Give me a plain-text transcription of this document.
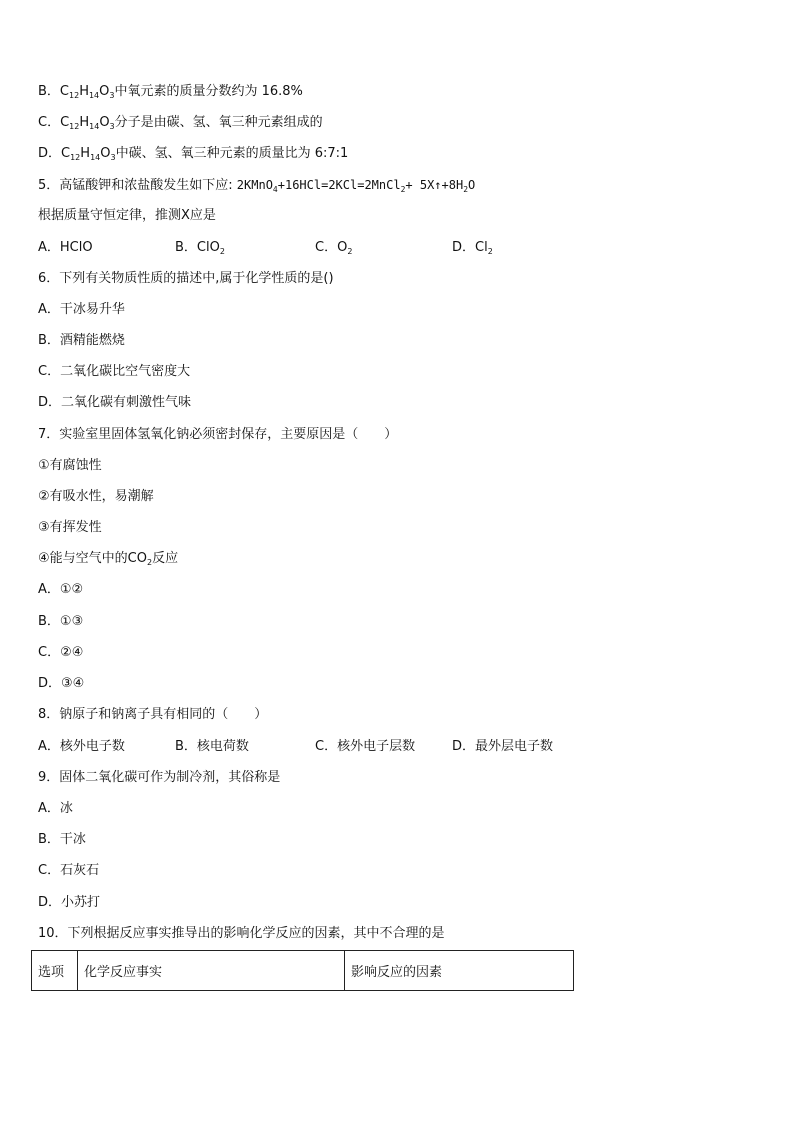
B．$C_{12}H_{14}O_3$中氧元素的质量分数约为 16.8%
C．$C_{12}H_{14}O_3$分子是由碳、氢、氧三种元素组成的
D．$C_{12}H_{14}O_3$中碳、氢、氧三种元素的质量比为 6:7:1
5．高锰酸钾和浓盐酸发生如下应: 2KMnO$_4$+16HCl=2KCl=2MnCl$_2$+ $5X↑+8H_2O$
根据质量守恒定律，推测X应是
A．HClO	B．ClO$_2$	C．$O_2$	D．$Cl_2$
6．下列有关物质性质的描述中,属于化学性质的是()
A．干冰易升华
B．酒精能燃烧
C．二氧化碳比空气密度大
D．二氧化碳有刺激性气味
7．实验室里固体氢氧化钠必须密封保存，主要原因是（　　）
①有腐蚀性
②有吸水性，易潮解
③有挥发性
④能与空气中的$CO_2$反应
A．①②
B．①③
C．②④
D．③④
8．钠原子和钠离子具有相同的（　　）
A．核外电子数	B．核电荷数	C．核外电子层数	D．最外层电子数
9．固体二氧化碳可作为制冷剂，其俗称是
A．冰
B．干冰
C．石灰石
D．小苏打
10．下列根据反应事实推导出的影响化学反应的因素，其中不合理的是
选项	化学反应事实	影响反应的因素
